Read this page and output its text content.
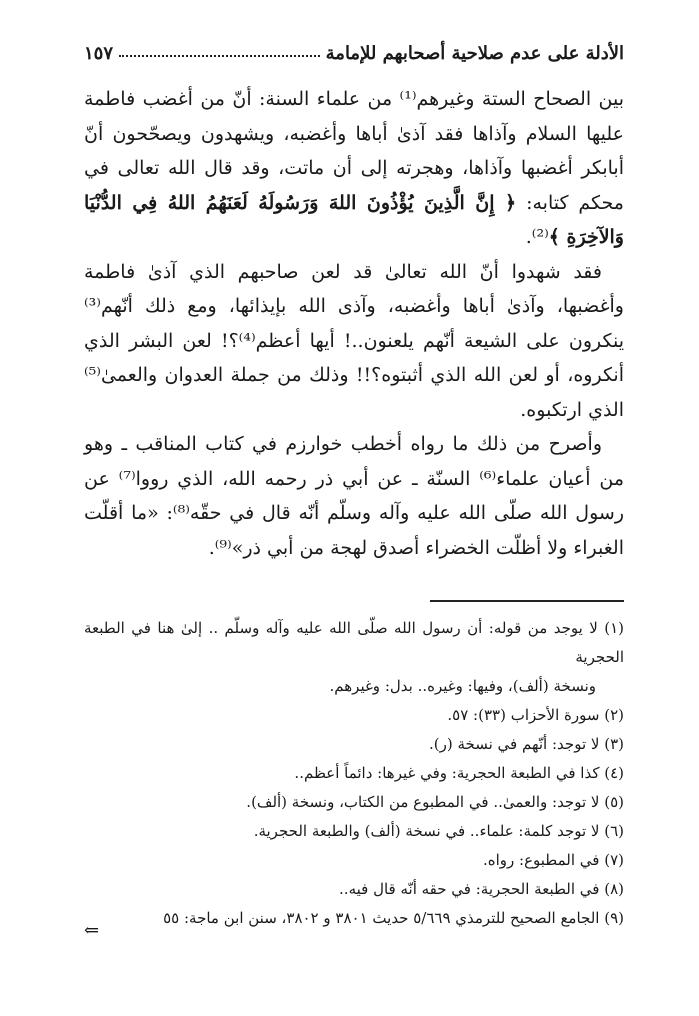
الأدلة على عدم صلاحية أصحابهم للإمامة
١٥٧

بين الصحاح الستة وغيرهم⁽¹⁾ من علماء السنة: أنّ من أغضب فاطمة عليها السلام وآذاها فقد آذىٰ أباها وأغضبه، ويشهدون ويصحّحون أنّ أبابكر أغضبها وآذاها، وهجرته إلى أن ماتت، وقد قال الله تعالى في محكم كتابه: ﴿ إِنَّ الَّذِينَ يُؤْذُونَ اللهَ وَرَسُولَهُ لَعَنَهُمُ اللهُ فِي الدُّنْيَا وَالآخِرَةِ ﴾⁽²⁾.

فقد شهدوا أنّ الله تعالىٰ قد لعن صاحبهم الذي آذىٰ فاطمة وأغضبها، وآذىٰ أباها وأغضبه، وآذى الله بإيذائها، ومع ذلك أنّهم⁽³⁾ ينكرون على الشيعة أنّهم يلعنون..! أيها أعظم⁽⁴⁾؟! لعن البشر الذي أنكروه، أو لعن الله الذي أثبتوه؟!! وذلك من جملة العدوان والعمىٰ⁽⁵⁾ الذي ارتكبوه.

وأصرح من ذلك ما رواه أخطب خوارزم في كتاب المناقب ـ وهو من أعيان علماء⁽⁶⁾ السنّة ـ عن أبي ذر رحمه الله، الذي رووا⁽⁷⁾ عن رسول الله صلّى الله عليه وآله وسلّم أنّه قال في حقّه⁽⁸⁾: «ما أقلّت الغبراء ولا أظلّت الخضراء أصدق لهجة من أبي ذر»⁽⁹⁾.

(١) لا يوجد من قوله: أن رسول الله صلّى الله عليه وآله وسلّم .. إلىٰ هنا في الطبعة الحجرية

ونسخة (ألف)، وفيها: وغيره.. بدل: وغيرهم.

(٢) سورة الأحزاب (٣٣): ٥٧.

(٣) لا توجد: أنّهم في نسخة (ر).

(٤) كذا في الطبعة الحجرية: وفي غيرها: دائماً أعظم..

(٥) لا توجد: والعمىٰ.. في المطبوع من الكتاب، ونسخة (ألف).

(٦) لا توجد كلمة: علماء.. في نسخة (ألف) والطبعة الحجرية.

(٧) في المطبوع: رواه.

(٨) في الطبعة الحجرية: في حقه أنّه قال فيه..

(٩) الجامع الصحيح للترمذي ٥/٦٦٩ حديث ٣٨٠١ و ٣٨٠٢، سنن ابن ماجة: ٥٥

⇐
